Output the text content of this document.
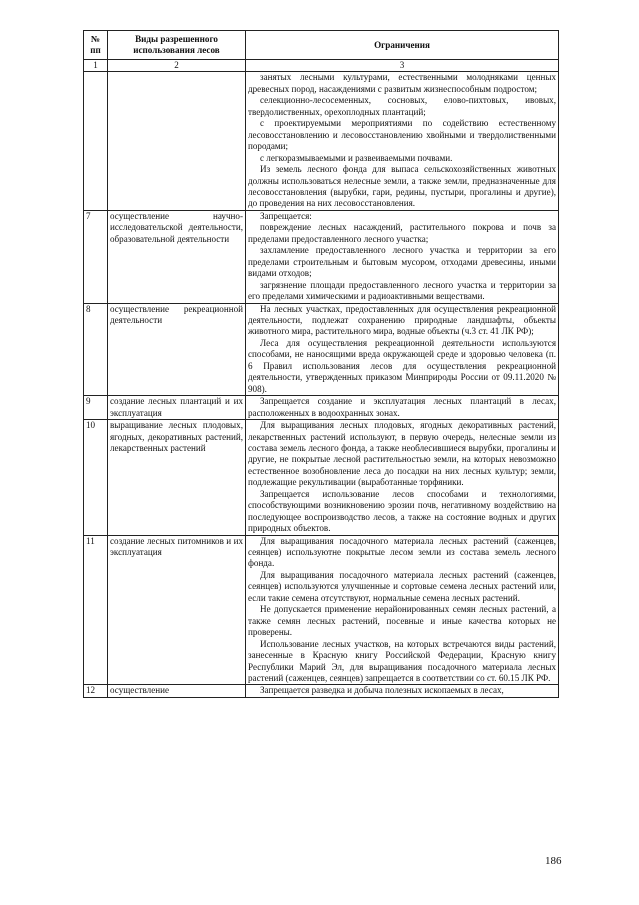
№ пп	Виды разрешенного использования лесов	Ограничения
1	2	3

		занятых лесными культурами, естественными молодняками ценных древесных пород, насаждениями с развитым жизнеспособным подростом;

селекционно-лесосеменных, сосновых, елово-пихтовых, ивовых, твердолиственных, орехоплодных плантаций;

с проектируемыми мероприятиями по содействию естественному лесовосстановлению и лесовосстановлению хвойными и твердолиственными породами;

с легкоразмываемыми и развеиваемыми почвами.

Из земель лесного фонда для выпаса сельскохозяйственных животных должны использоваться нелесные земли, а также земли, предназначенные для лесовосстановления (вырубки, гари, редины, пустыри, прогалины и другие), до проведения на них лесовосстановления.

7	осуществление научно-исследовательской деятельности, образовательной деятельности	Запрещается:

повреждение лесных насаждений, растительного покрова и почв за пределами предоставленного лесного участка;

захламление предоставленного лесного участка и территории за его пределами строительным и бытовым мусором, отходами древесины, иными видами отходов;

загрязнение площади предоставленного лесного участка и территории за его пределами химическими и радиоактивными веществами.

8	осуществление рекреационной деятельности	На лесных участках, предоставленных для осуществления рекреационной деятельности, подлежат сохранению природные ландшафты, объекты животного мира, растительного мира, водные объекты (ч.3 ст. 41 ЛК РФ);

Леса для осуществления рекреационной деятельности используются способами, не наносящими вреда окружающей среде и здоровью человека (п. 6 Правил использования лесов для осуществления рекреационной деятельности, утвержденных приказом Минприроды России от 09.11.2020 № 908).

9	создание лесных плантаций и их эксплуатация	Запрещается создание и эксплуатация лесных плантаций в лесах, расположенных в водоохранных зонах.

10	выращивание лесных плодовых, ягодных, декоративных растений, лекарственных растений	Для выращивания лесных плодовых, ягодных декоративных растений, лекарственных растений используют, в первую очередь, нелесные земли из состава земель лесного фонда, а также необлесившиеся вырубки, прогалины и другие, не покрытые лесной растительностью земли, на которых невозможно естественное возобновление леса до посадки на них лесных культур; земли, подлежащие рекультивации (выработанные торфяники.

Запрещается использование лесов способами и технологиями, способствующими возникновению эрозии почв, негативному воздействию на последующее воспроизводство лесов, а также на состояние водных и других природных объектов.

11	создание лесных питомников и их эксплуатация	Для выращивания посадочного материала лесных растений (саженцев, сеянцев) используютне покрытые лесом земли из состава земель лесного фонда.

Для выращивания посадочного материала лесных растений (саженцев, сеянцев) используются улучшенные и сортовые семена лесных растений или, если такие семена отсутствуют, нормальные семена лесных растений.

Не допускается применение нерайонированных семян лесных растений, а также семян лесных растений, посевные и иные качества которых не проверены.

Использование лесных участков, на которых встречаются виды растений, занесенные в Красную книгу Российской Федерации, Красную книгу Республики Марий Эл, для выращивания посадочного материала лесных растений (саженцев, сеянцев) запрещается в соответствии со ст. 60.15 ЛК РФ.

12	осуществление	Запрещается разведка и добыча полезных ископаемых в лесах,

186
